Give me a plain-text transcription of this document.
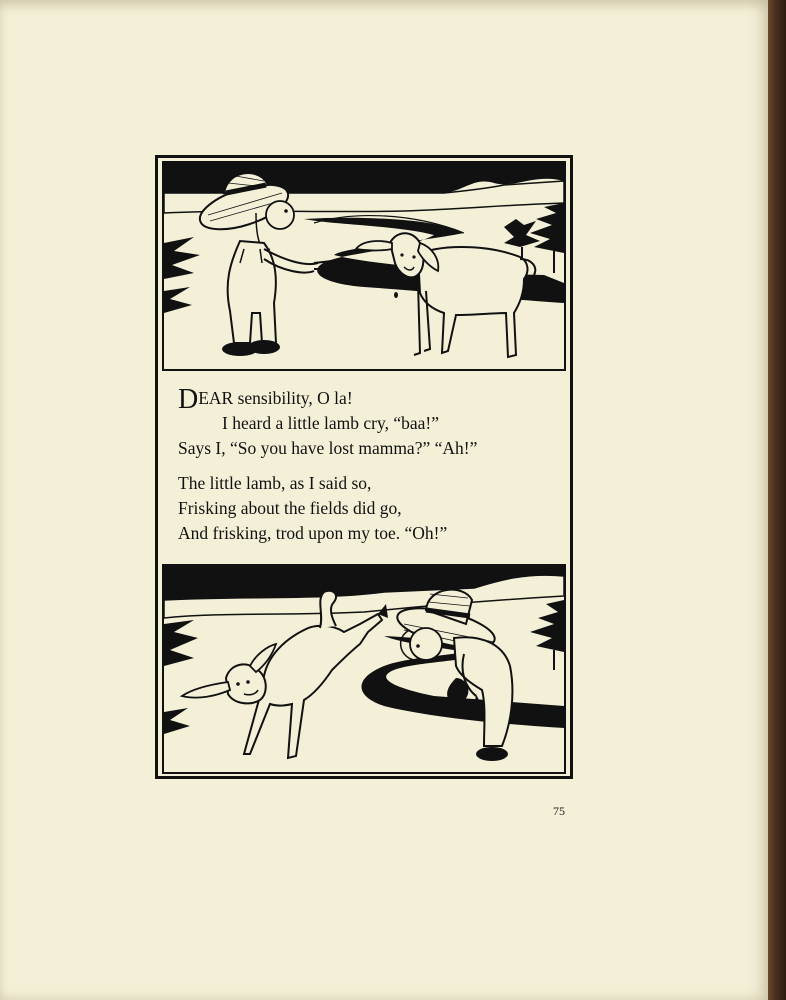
DEAR sensibility, O la!
I heard a little lamb cry, “baa!”
Says I, “So you have lost mamma?” “Ah!”
The little lamb, as I said so,
Frisking about the fields did go,
And frisking, trod upon my toe. “Oh!”
75
